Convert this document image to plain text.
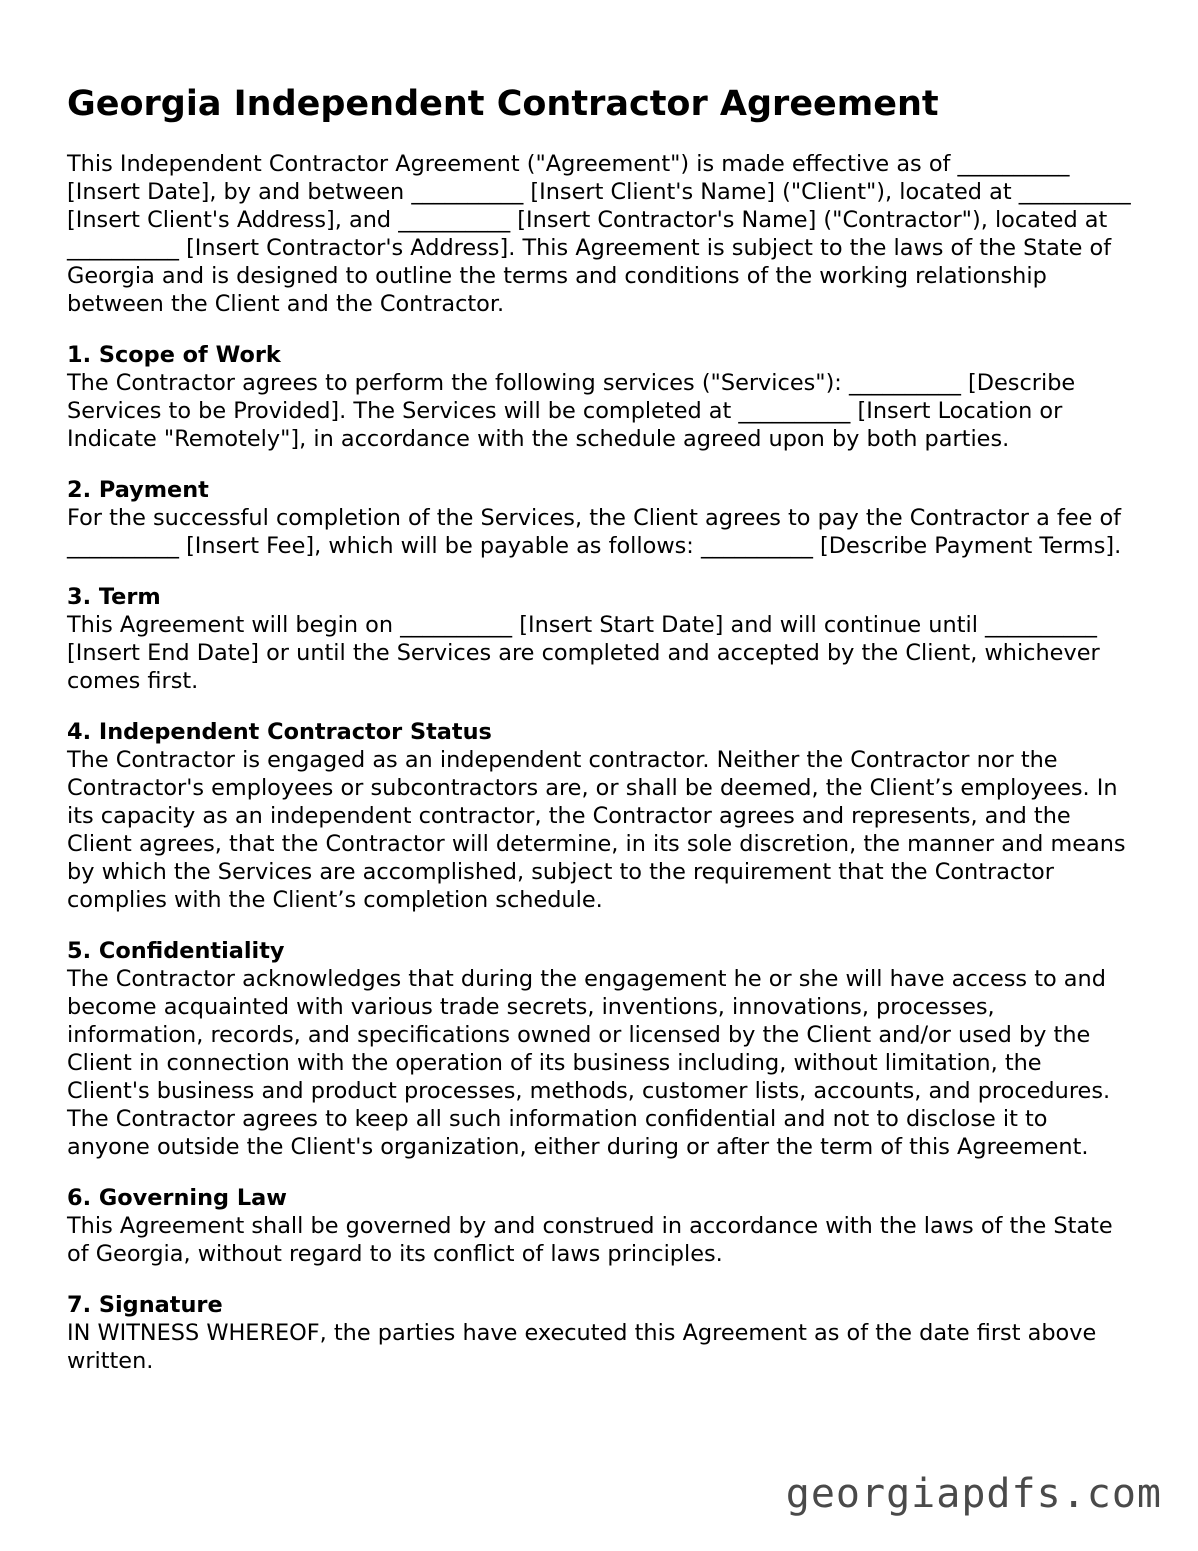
Georgia Independent Contractor Agreement

This Independent Contractor Agreement ("Agreement") is made effective as of __________ [Insert Date], by and between __________ [Insert Client's Name] ("Client"), located at __________ [Insert Client's Address], and __________ [Insert Contractor's Name] ("Contractor"), located at __________ [Insert Contractor's Address]. This Agreement is subject to the laws of the State of Georgia and is designed to outline the terms and conditions of the working relationship between the Client and the Contractor.

1. Scope of Work

The Contractor agrees to perform the following services ("Services"): __________ [Describe Services to be Provided]. The Services will be completed at __________ [Insert Location or Indicate "Remotely"], in accordance with the schedule agreed upon by both parties.

2. Payment

For the successful completion of the Services, the Client agrees to pay the Contractor a fee of __________ [Insert Fee], which will be payable as follows: __________ [Describe Payment Terms].

3. Term

This Agreement will begin on __________ [Insert Start Date] and will continue until __________ [Insert End Date] or until the Services are completed and accepted by the Client, whichever comes first.

4. Independent Contractor Status

The Contractor is engaged as an independent contractor. Neither the Contractor nor the Contractor's employees or subcontractors are, or shall be deemed, the Client’s employees. In its capacity as an independent contractor, the Contractor agrees and represents, and the Client agrees, that the Contractor will determine, in its sole discretion, the manner and means by which the Services are accomplished, subject to the requirement that the Contractor complies with the Client’s completion schedule.

5. Confidentiality

The Contractor acknowledges that during the engagement he or she will have access to and become acquainted with various trade secrets, inventions, innovations, processes, information, records, and specifications owned or licensed by the Client and/or used by the Client in connection with the operation of its business including, without limitation, the Client's business and product processes, methods, customer lists, accounts, and procedures. The Contractor agrees to keep all such information confidential and not to disclose it to anyone outside the Client's organization, either during or after the term of this Agreement.

6. Governing Law

This Agreement shall be governed by and construed in accordance with the laws of the State of Georgia, without regard to its conflict of laws principles.

7. Signature

IN WITNESS WHEREOF, the parties have executed this Agreement as of the date first above written.

georgiapdfs.com
